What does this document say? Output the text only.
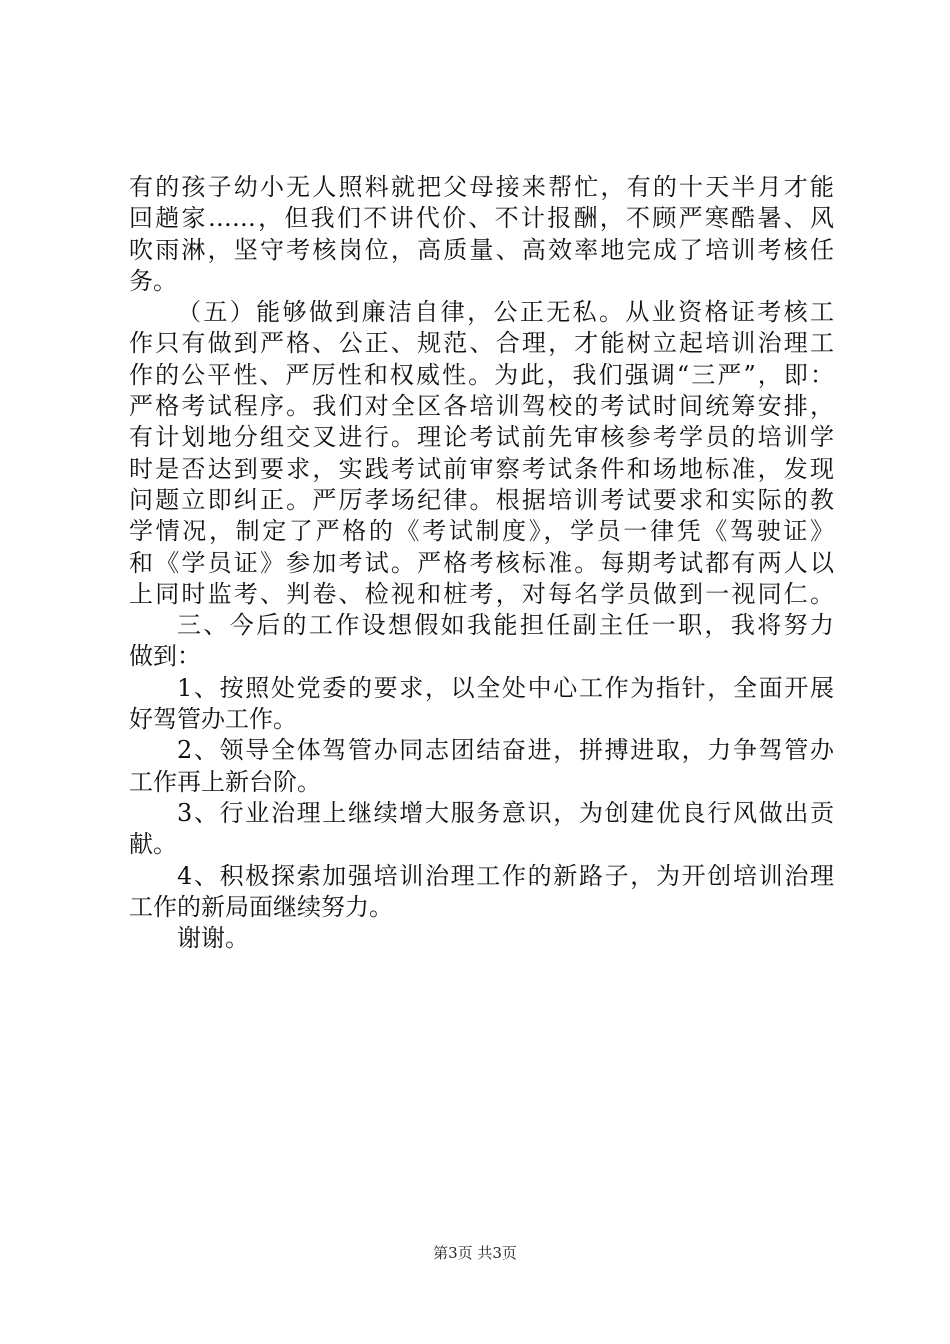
有的孩子幼小无人照料就把父母接来帮忙，有的十天半月才能
回趟家……，但我们不讲代价、不计报酬，不顾严寒酷暑、风
吹雨淋，坚守考核岗位，高质量、高效率地完成了培训考核任
务。
（五）能够做到廉洁自律，公正无私。从业资格证考核工
作只有做到严格、公正、规范、合理，才能树立起培训治理工
作的公平性、严厉性和权威性。为此，我们强调“三严”，即：
严格考试程序。我们对全区各培训驾校的考试时间统筹安排，
有计划地分组交叉进行。理论考试前先审核参考学员的培训学
时是否达到要求，实践考试前审察考试条件和场地标准，发现
问题立即纠正。严厉孝场纪律。根据培训考试要求和实际的教
学情况，制定了严格的《考试制度》，学员一律凭《驾驶证》
和《学员证》参加考试。严格考核标准。每期考试都有两人以
上同时监考、判卷、检视和桩考，对每名学员做到一视同仁。
三、今后的工作设想假如我能担任副主任一职，我将努力
做到：
1、按照处党委的要求，以全处中心工作为指针，全面开展
好驾管办工作。
2、领导全体驾管办同志团结奋进，拼搏进取，力争驾管办
工作再上新台阶。
3、行业治理上继续增大服务意识，为创建优良行风做出贡
献。
4、积极探索加强培训治理工作的新路子，为开创培训治理
工作的新局面继续努力。
谢谢。
第3页 共3页
